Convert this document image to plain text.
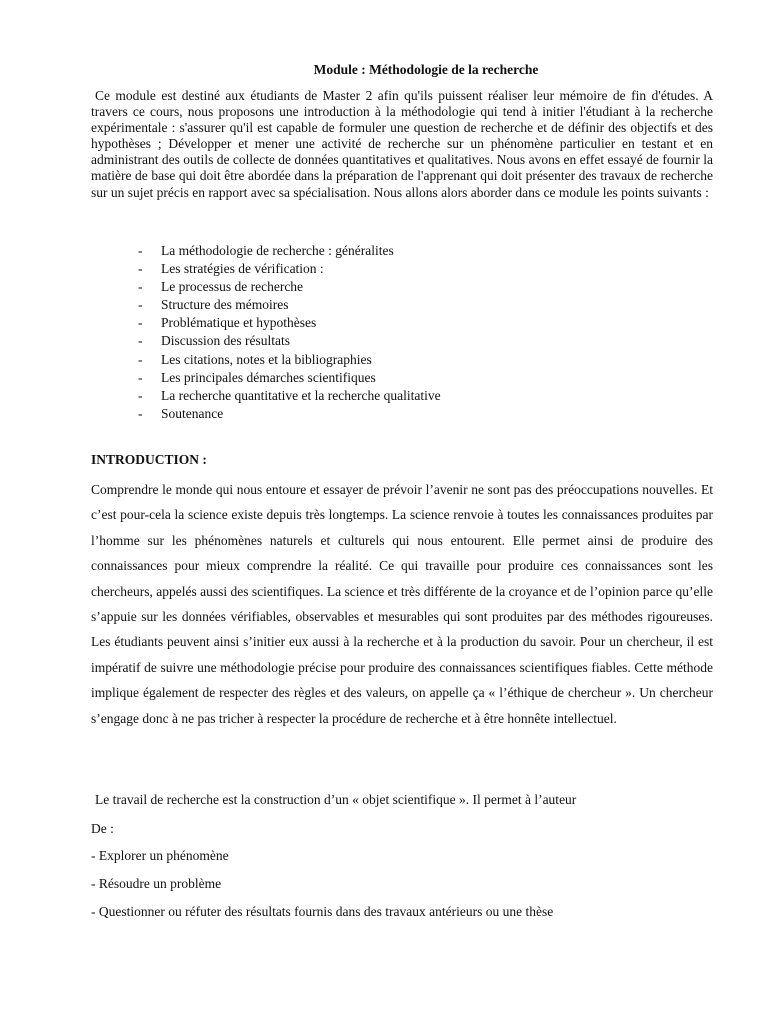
Module : Méthodologie de la recherche
Ce module est destiné aux étudiants de Master 2 afin qu'ils puissent réaliser leur mémoire de fin d'études. A travers ce cours, nous proposons une introduction à la méthodologie qui tend à initier l'étudiant à la recherche expérimentale : s'assurer qu'il est capable de formuler une question de recherche et de définir des objectifs et des hypothèses ; Développer et mener une activité de recherche sur un phénomène particulier en testant et en administrant des outils de collecte de données quantitatives et qualitatives. Nous avons en effet essayé de fournir la matière de base qui doit être abordée dans la préparation de l'apprenant qui doit présenter des travaux de recherche sur un sujet précis en rapport avec sa spécialisation. Nous allons alors aborder dans ce module les points suivants :
- La méthodologie de recherche : généralites
- Les stratégies de vérification :
- Le processus de recherche
- Structure des mémoires
- Problématique et hypothèses
- Discussion des résultats
- Les citations, notes et la bibliographies
- Les principales démarches scientifiques
- La recherche quantitative et la recherche qualitative
- Soutenance
INTRODUCTION :
Comprendre le monde qui nous entoure et essayer de prévoir l’avenir ne sont pas des préoccupations nouvelles. Et c’est pour-cela la science existe depuis très longtemps. La science renvoie à toutes les connaissances produites par l’homme sur les phénomènes naturels et culturels qui nous entourent. Elle permet ainsi de produire des connaissances pour mieux comprendre la réalité. Ce qui travaille pour produire ces connaissances sont les chercheurs, appelés aussi des scientifiques. La science et très différente de la croyance et de l’opinion parce qu’elle s’appuie sur les données vérifiables, observables et mesurables qui sont produites par des méthodes rigoureuses. Les étudiants peuvent ainsi s’initier eux aussi à la recherche et à la production du savoir. Pour un chercheur, il est impératif de suivre une méthodologie précise pour produire des connaissances scientifiques fiables. Cette méthode implique également de respecter des règles et des valeurs, on appelle ça « l’éthique de chercheur ». Un chercheur s’engage donc à ne pas tricher à respecter la procédure de recherche et à être honnête intellectuel.
Le travail de recherche est la construction d’un « objet scientifique ». Il permet à l’auteur
De :
- Explorer un phénomène
- Résoudre un problème
- Questionner ou réfuter des résultats fournis dans des travaux antérieurs ou une thèse
